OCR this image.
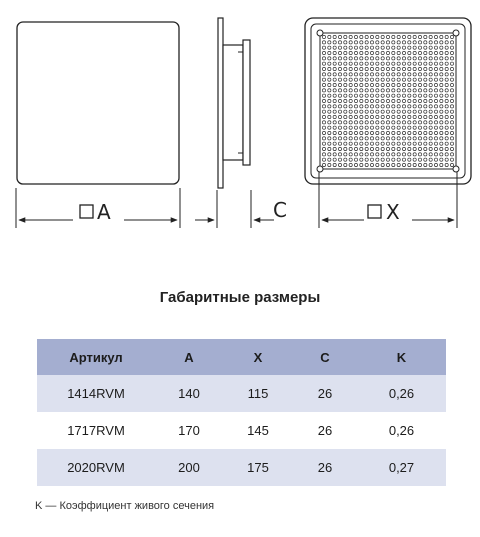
A	C	X
Габаритные размеры
Артикул	A	X	C	K
1414RVM	140	115	26	0,26
1717RVM	170	145	26	0,26
2020RVM	200	175	26	0,27
K — Коэффициент живого сечения
